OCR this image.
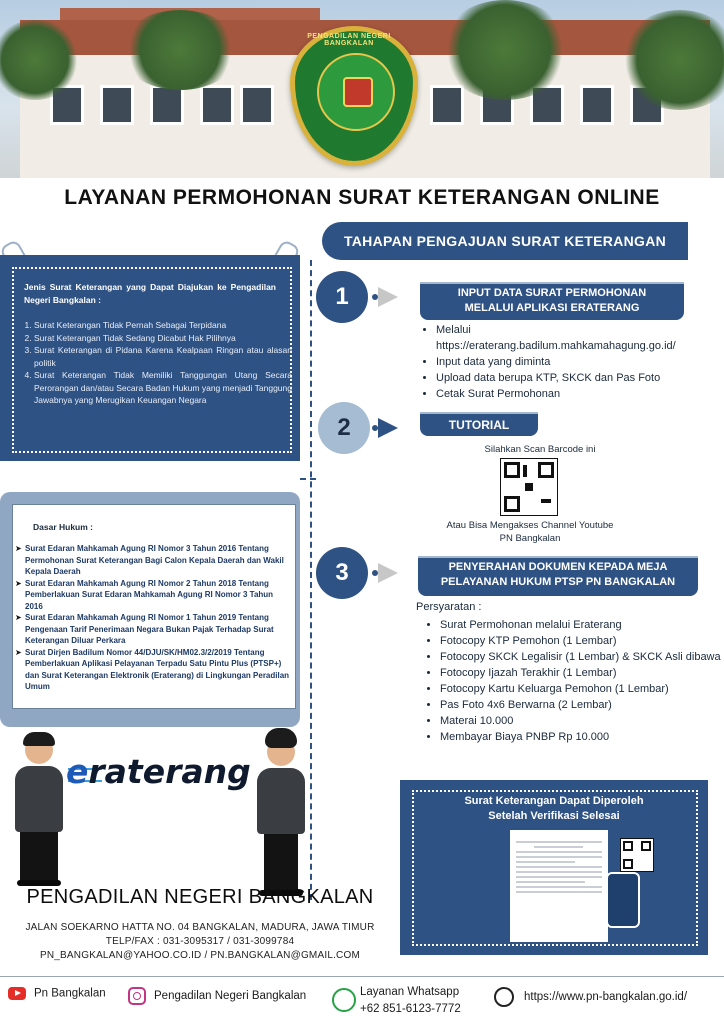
PENGADILAN NEGERI BANGKALAN
LAYANAN PERMOHONAN SURAT KETERANGAN ONLINE
Jenis Surat Keterangan yang Dapat Diajukan ke Pengadilan Negeri Bangkalan :
1. Surat Keterangan Tidak Pernah Sebagai Terpidana
2. Surat Keterangan Tidak Sedang Dicabut Hak Pilihnya
3. Surat Keterangan di Pidana Karena Kealpaan Ringan atau alasan politik
4. Surat Keterangan Tidak Memiliki Tanggungan Utang Secara Perorangan dan/atau Secara Badan Hukum yang menjadi Tanggung Jawabnya yang Merugikan Keuangan Negara
Dasar Hukum :
➤ Surat Edaran Mahkamah Agung RI Nomor 3 Tahun 2016 Tentang Permohonan Surat Keterangan Bagi Calon Kepala Daerah dan Wakil Kepala Daerah
➤ Surat Edaran Mahkamah Agung RI Nomor 2 Tahun 2018 Tentang Pemberlakuan Surat Edaran Mahkamah Agung RI Nomor 3 Tahun 2016
➤ Surat Edaran Mahkamah Agung RI Nomor 1 Tahun 2019 Tentang Pengenaan Tarif Penerimaan Negara Bukan Pajak Terhadap Surat Keterangan Diluar Perkara
➤ Surat Dirjen Badilum Nomor 44/DJU/SK/HM02.3/2/2019 Tentang Pemberlakuan Aplikasi Pelayanan Terpadu Satu Pintu Plus (PTSP+) dan Surat Keterangan Elektronik (Eraterang) di Lingkungan Peradilan Umum
eraterang
PENGADILAN NEGERI BANGKALAN
JALAN SOEKARNO HATTA NO. 04 BANGKALAN, MADURA, JAWA TIMUR
TELP/FAX : 031-3095317 / 031-3099784
PN_BANGKALAN@YAHOO.CO.ID / PN.BANGKALAN@GMAIL.COM
TAHAPAN PENGAJUAN SURAT KETERANGAN
1	INPUT DATA SURAT PERMOHONAN
MELALUI APLIKASI ERATERANG
• Melalui
https://eraterang.badilum.mahkamahagung.go.id/
• Input data yang diminta
• Upload data berupa KTP, SKCK dan Pas Foto
• Cetak Surat Permohonan
2	TUTORIAL
Silahkan Scan Barcode ini
Atau Bisa Mengakses Channel Youtube
PN Bangkalan
3	PENYERAHAN DOKUMEN KEPADA MEJA
PELAYANAN HUKUM PTSP PN BANGKALAN
Persyaratan :
• Surat Permohonan melalui Eraterang
• Fotocopy KTP Pemohon (1 Lembar)
• Fotocopy SKCK Legalisir (1 Lembar) & SKCK Asli dibawa
• Fotocopy Ijazah Terakhir (1 Lembar)
• Fotocopy Kartu Keluarga Pemohon (1 Lembar)
• Pas Foto 4x6 Berwarna (2 Lembar)
• Materai 10.000
• Membayar Biaya PNBP Rp 10.000
Surat Keterangan Dapat Diperoleh
Setelah Verifikasi Selesai
Pn Bangkalan	Pengadilan Negeri Bangkalan	Layanan Whatsapp
+62 851-6123-7772
https://www.pn-bangkalan.go.id/
